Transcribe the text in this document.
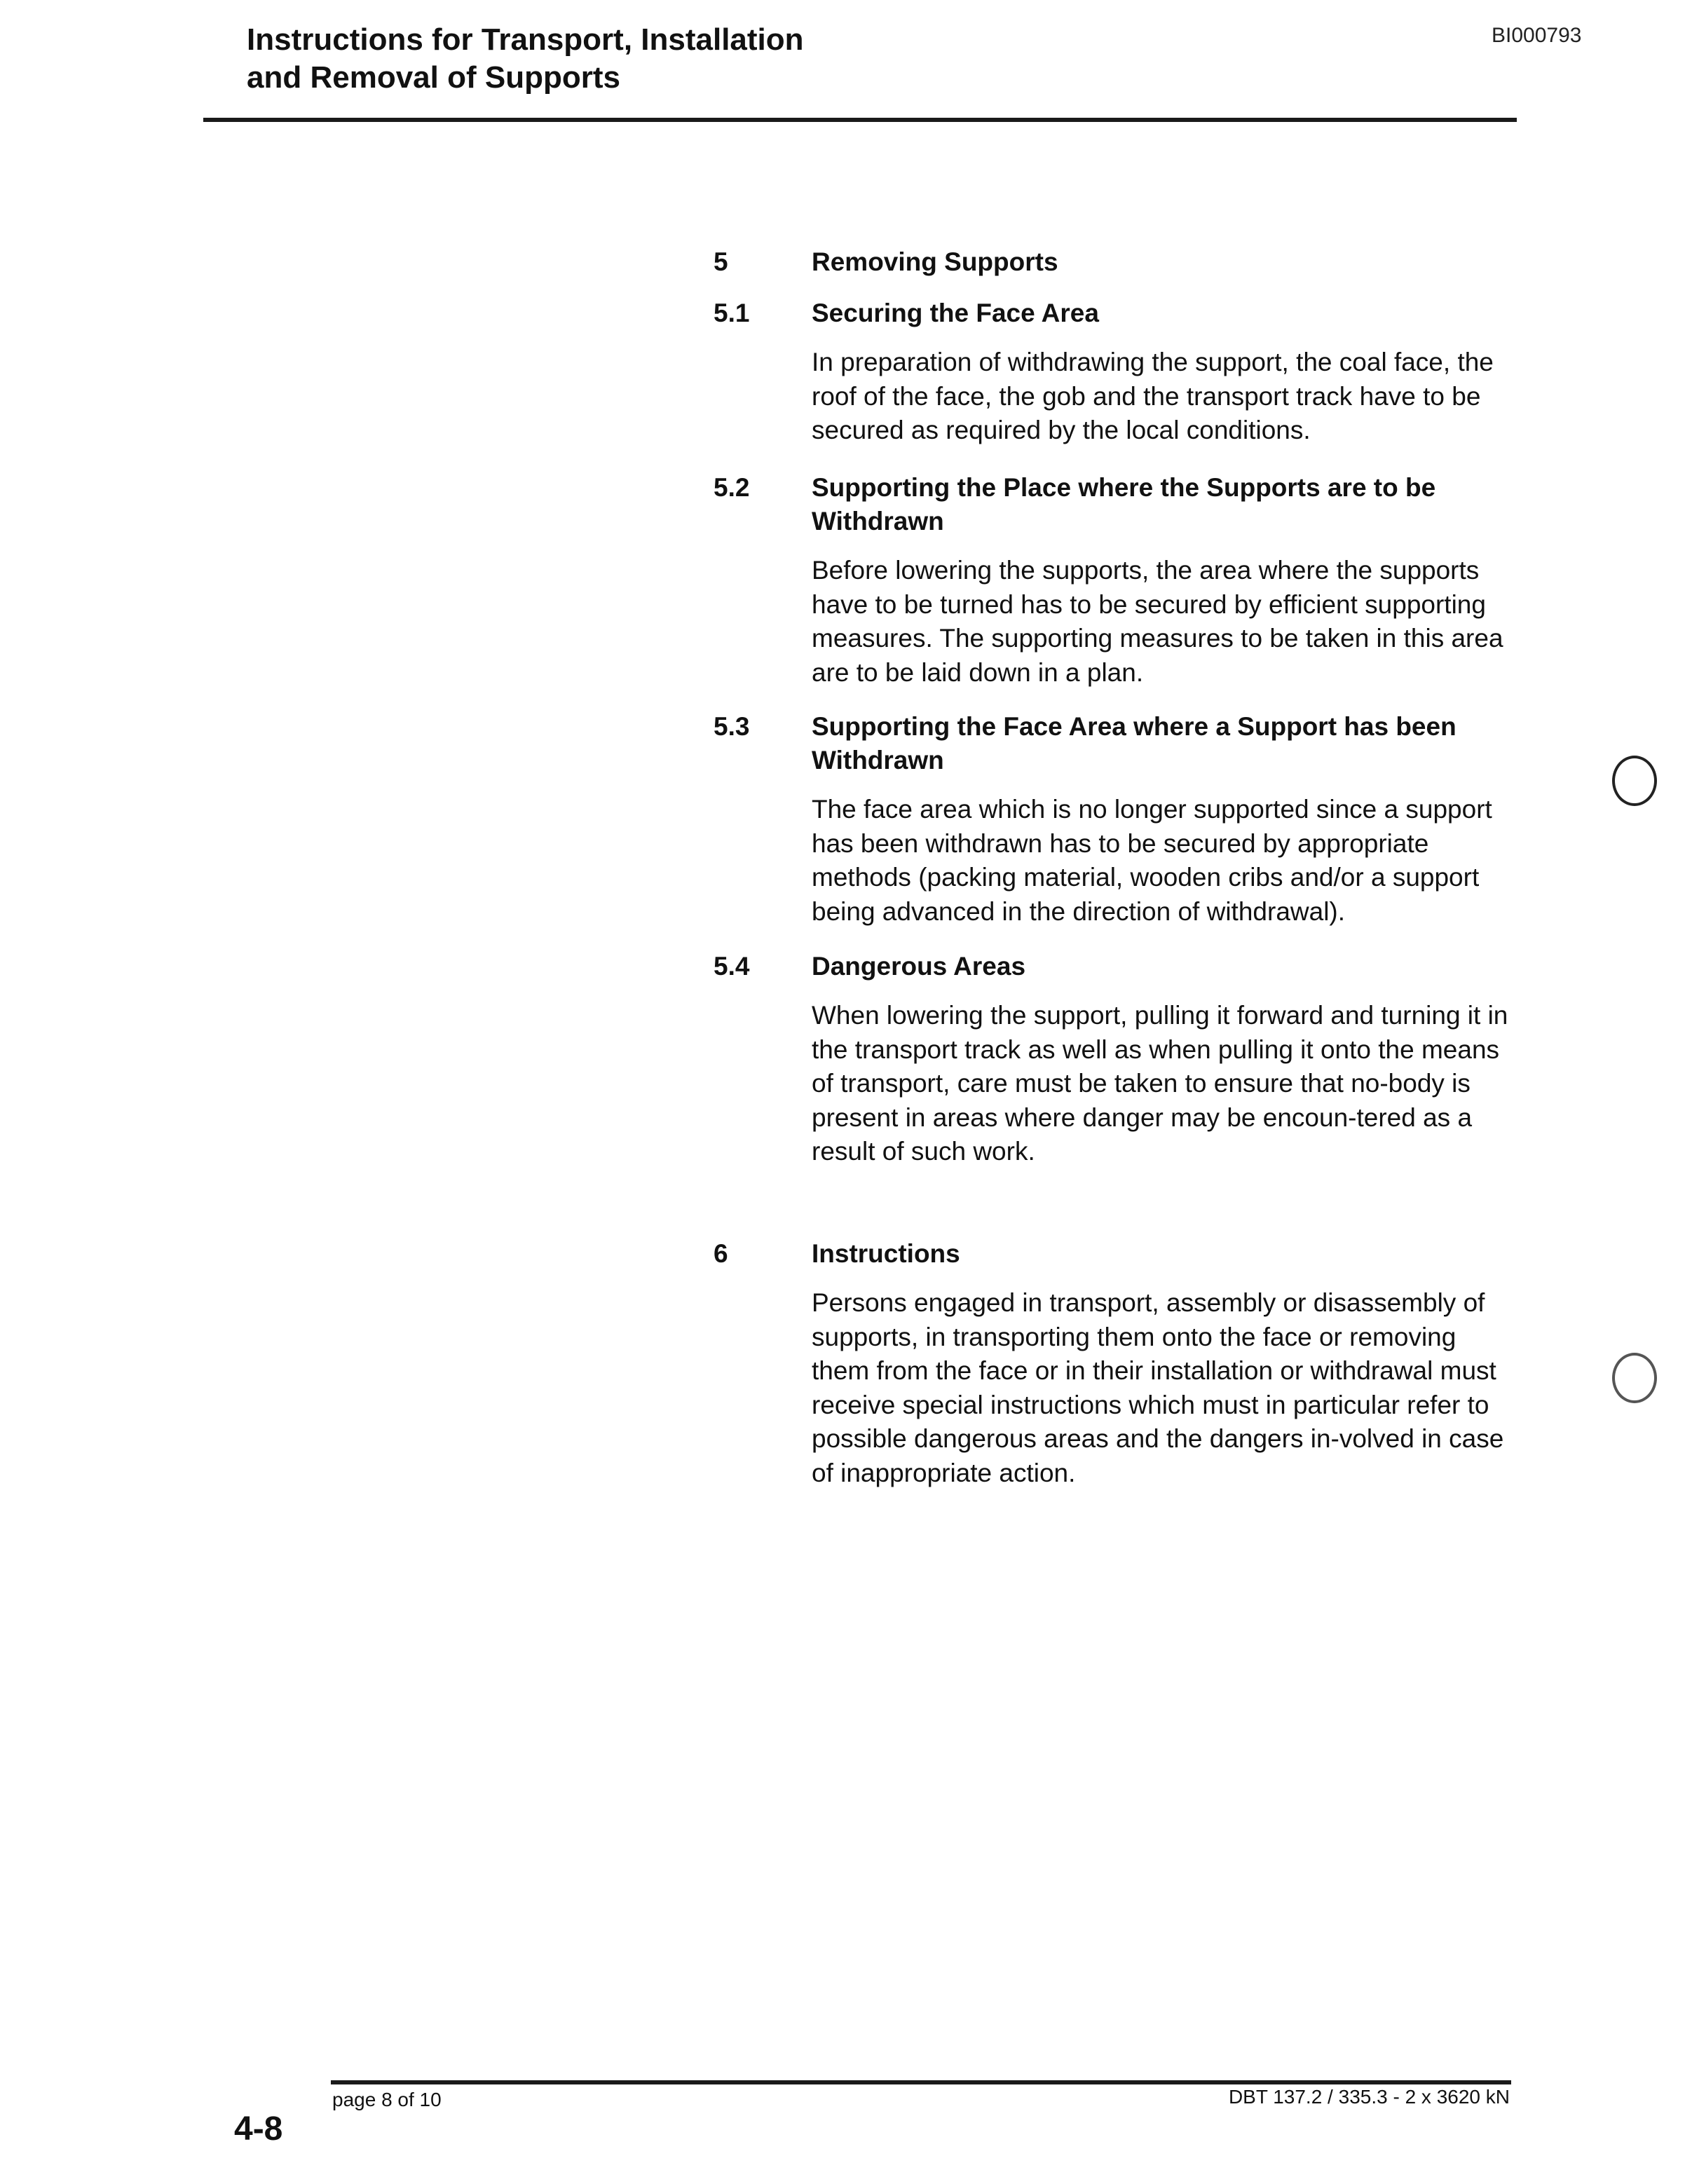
Instructions for Transport, Installation
and Removal of Supports
BI000793
5	Removing Supports
5.1	Securing the Face Area
In preparation of withdrawing the support, the coal face, the roof of the face, the gob and the transport track have to be secured as required by the local conditions.
5.2	Supporting the Place where the Supports are to be Withdrawn
Before lowering the supports, the area where the supports have to be turned has to be secured by efficient supporting measures. The supporting measures to be taken in this area are to be laid down in a plan.
5.3	Supporting the Face Area where a Support has been Withdrawn
The face area which is no longer supported since a support has been withdrawn has to be secured by appropriate methods (packing material, wooden cribs and/or a support being advanced in the direction of withdrawal).
5.4	Dangerous Areas
When lowering the support, pulling it forward and turning it in the transport track as well as when pulling it onto the means of transport, care must be taken to ensure that no-body is present in areas where danger may be encoun-tered as a result of such work.
6	Instructions
Persons engaged in transport, assembly or disassembly of supports, in transporting them onto the face or removing them from the face or in their installation or withdrawal must receive special instructions which must in particular refer to possible dangerous areas and the dangers in-volved in case of inappropriate action.
page 8 of 10	DBT 137.2 / 335.3 - 2 x 3620 kN
4-8
